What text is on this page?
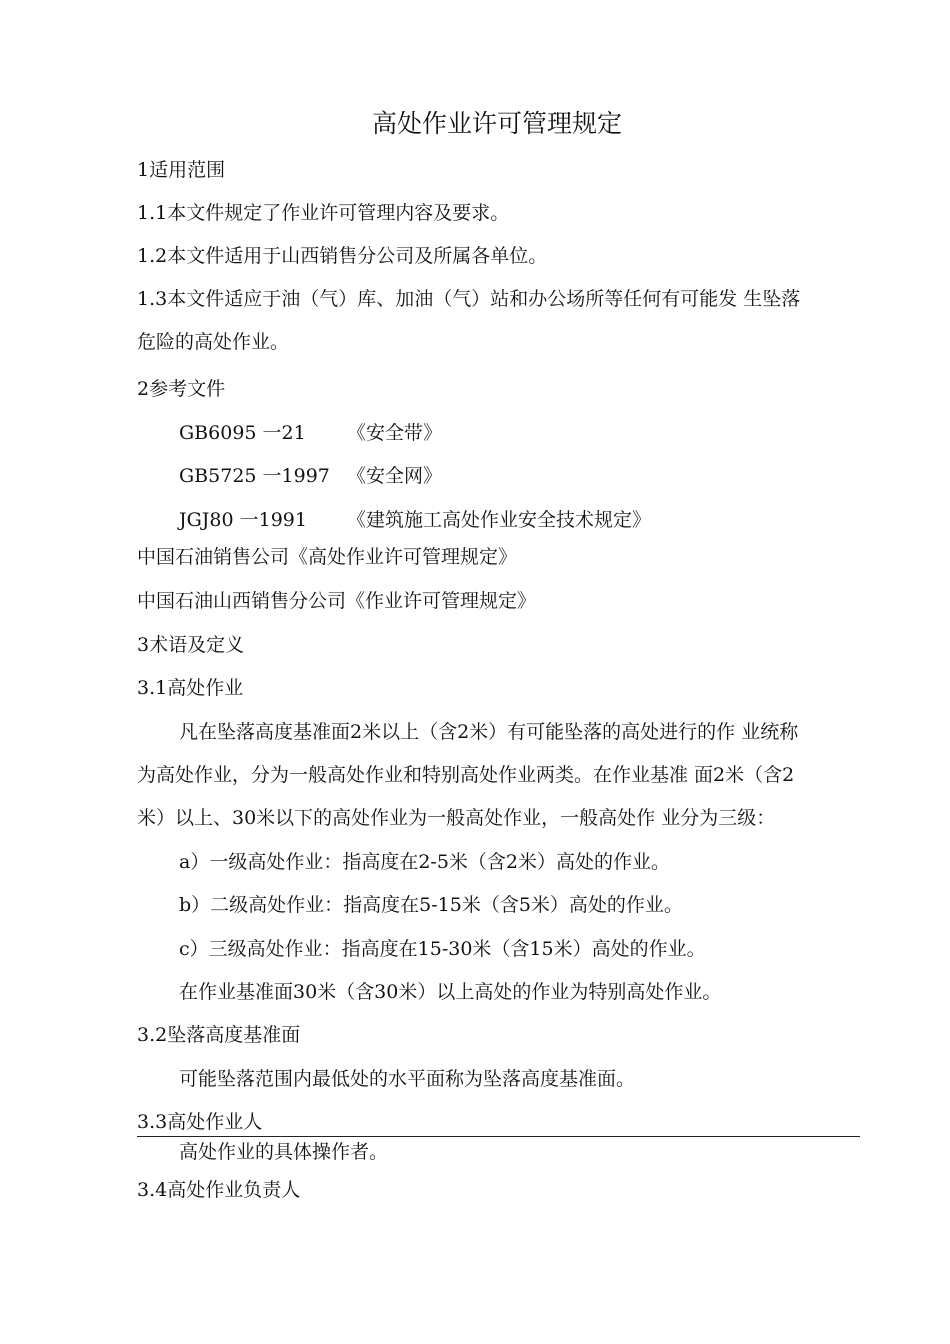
高处作业许可管理规定
1适用范围
1.1本文件规定了作业许可管理内容及要求。
1.2本文件适用于山西销售分公司及所属各单位。
1.3本文件适应于油（气）库、加油（气）站和办公场所等任何有可能发 生坠落
危险的高处作业。
2参考文件
GB6095 一21 《安全带》
GB5725 一1997 《安全网》
JGJ80 一1991 《建筑施工高处作业安全技术规定》
中国石油销售公司《高处作业许可管理规定》
中国石油山西销售分公司《作业许可管理规定》
3术语及定义
3.1高处作业
凡在坠落高度基准面2米以上（含2米）有可能坠落的高处进行的作 业统称
为高处作业，分为一般高处作业和特别高处作业两类。在作业基准 面2米（含2
米）以上、30米以下的高处作业为一般高处作业，一般高处作 业分为三级：
a）一级高处作业：指高度在2-5米（含2米）高处的作业。
b）二级高处作业：指高度在5-15米（含5米）高处的作业。
c）三级高处作业：指高度在15-30米（含15米）高处的作业。
在作业基准面30米（含30米）以上高处的作业为特别高处作业。
3.2坠落高度基准面
可能坠落范围内最低处的水平面称为坠落高度基准面。
3.3高处作业人
高处作业的具体操作者。
3.4高处作业负责人
